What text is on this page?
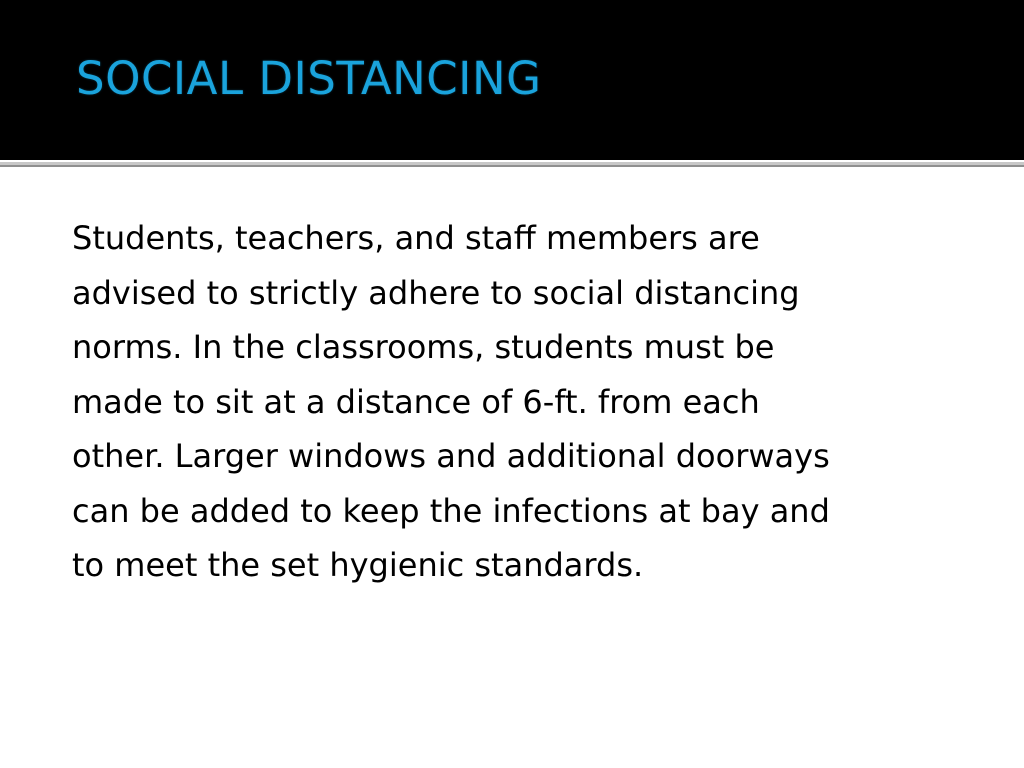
SOCIAL DISTANCING

Students, teachers, and staff members are
advised to strictly adhere to social distancing
norms. In the classrooms, students must be
made to sit at a distance of 6-ft. from each
other. Larger windows and additional doorways
can be added to keep the infections at bay and
to meet the set hygienic standards.
